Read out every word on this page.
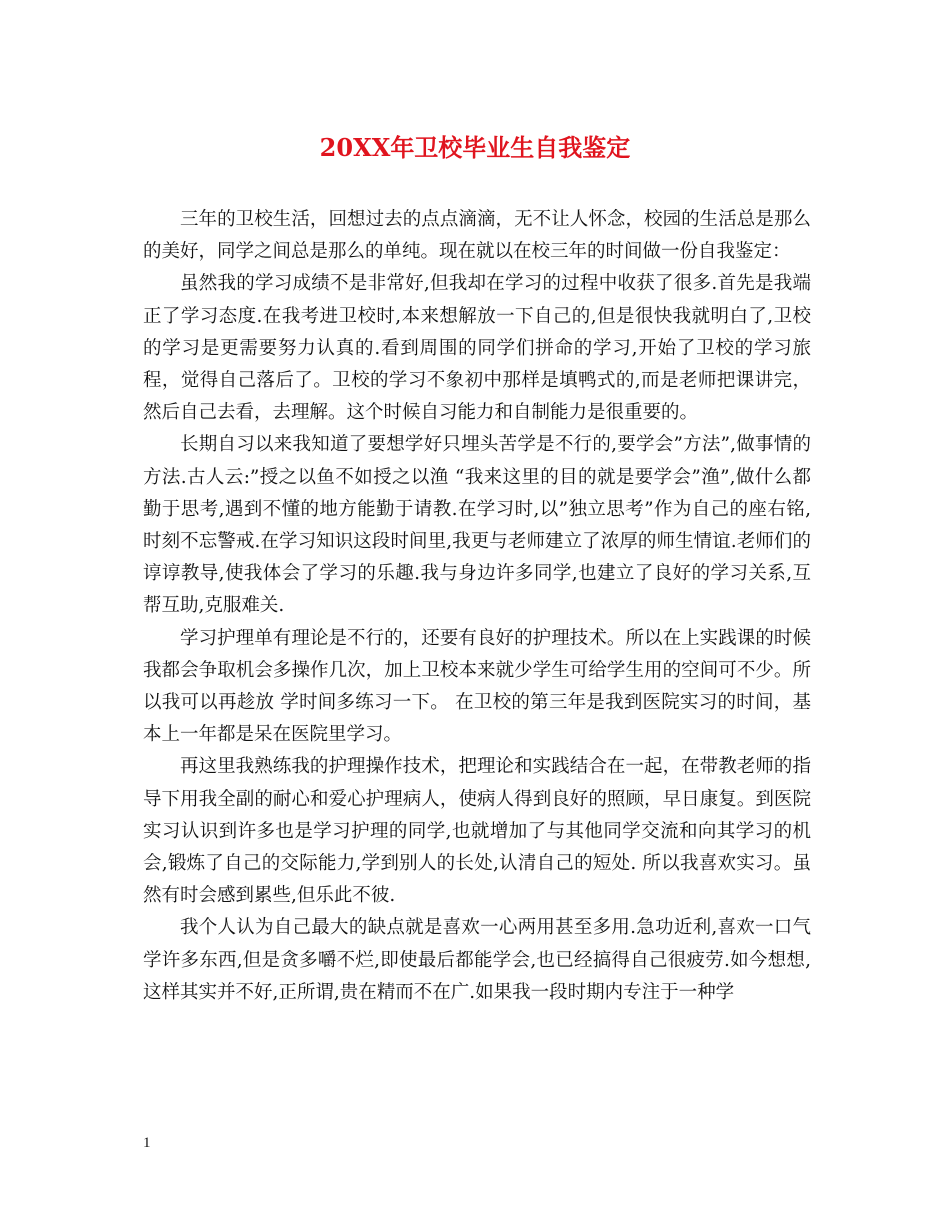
20XX年卫校毕业生自我鉴定

三年的卫校生活，回想过去的点点滴滴，无不让人怀念，校园的生活总是那么的美好，同学之间总是那么的单纯。现在就以在校三年的时间做一份自我鉴定：

虽然我的学习成绩不是非常好,但我却在学习的过程中收获了很多.首先是我端正了学习态度.在我考进卫校时,本来想解放一下自己的,但是很快我就明白了,卫校的学习是更需要努力认真的.看到周围的同学们拼命的学习,开始了卫校的学习旅程，觉得自己落后了。卫校的学习不象初中那样是填鸭式的,而是老师把课讲完，然后自己去看，去理解。这个时候自习能力和自制能力是很重要的。

长期自习以来我知道了要想学好只埋头苦学是不行的,要学会”方法”,做事情的方法.古人云:”授之以鱼不如授之以渔 “我来这里的目的就是要学会”渔”,做什么都勤于思考,遇到不懂的地方能勤于请教.在学习时,以”独立思考”作为自己的座右铭,时刻不忘警戒.在学习知识这段时间里,我更与老师建立了浓厚的师生情谊.老师们的谆谆教导,使我体会了学习的乐趣.我与身边许多同学,也建立了良好的学习关系,互帮互助,克服难关.

学习护理单有理论是不行的，还要有良好的护理技术。所以在上实践课的时候我都会争取机会多操作几次，加上卫校本来就少学生可给学生用的空间可不少。所以我可以再趁放 学时间多练习一下。 在卫校的第三年是我到医院实习的时间，基本上一年都是呆在医院里学习。

再这里我熟练我的护理操作技术，把理论和实践结合在一起，在带教老师的指导下用我全副的耐心和爱心护理病人，使病人得到良好的照顾，早日康复。到医院实习认识到许多也是学习护理的同学,也就增加了与其他同学交流和向其学习的机会,锻炼了自己的交际能力,学到别人的长处,认清自己的短处. 所以我喜欢实习。虽然有时会感到累些,但乐此不彼.

我个人认为自己最大的缺点就是喜欢一心两用甚至多用.急功近利,喜欢一口气学许多东西,但是贪多嚼不烂,即使最后都能学会,也已经搞得自己很疲劳.如今想想,这样其实并不好,正所谓,贵在精而不在广.如果我一段时期内专注于一种学

1
